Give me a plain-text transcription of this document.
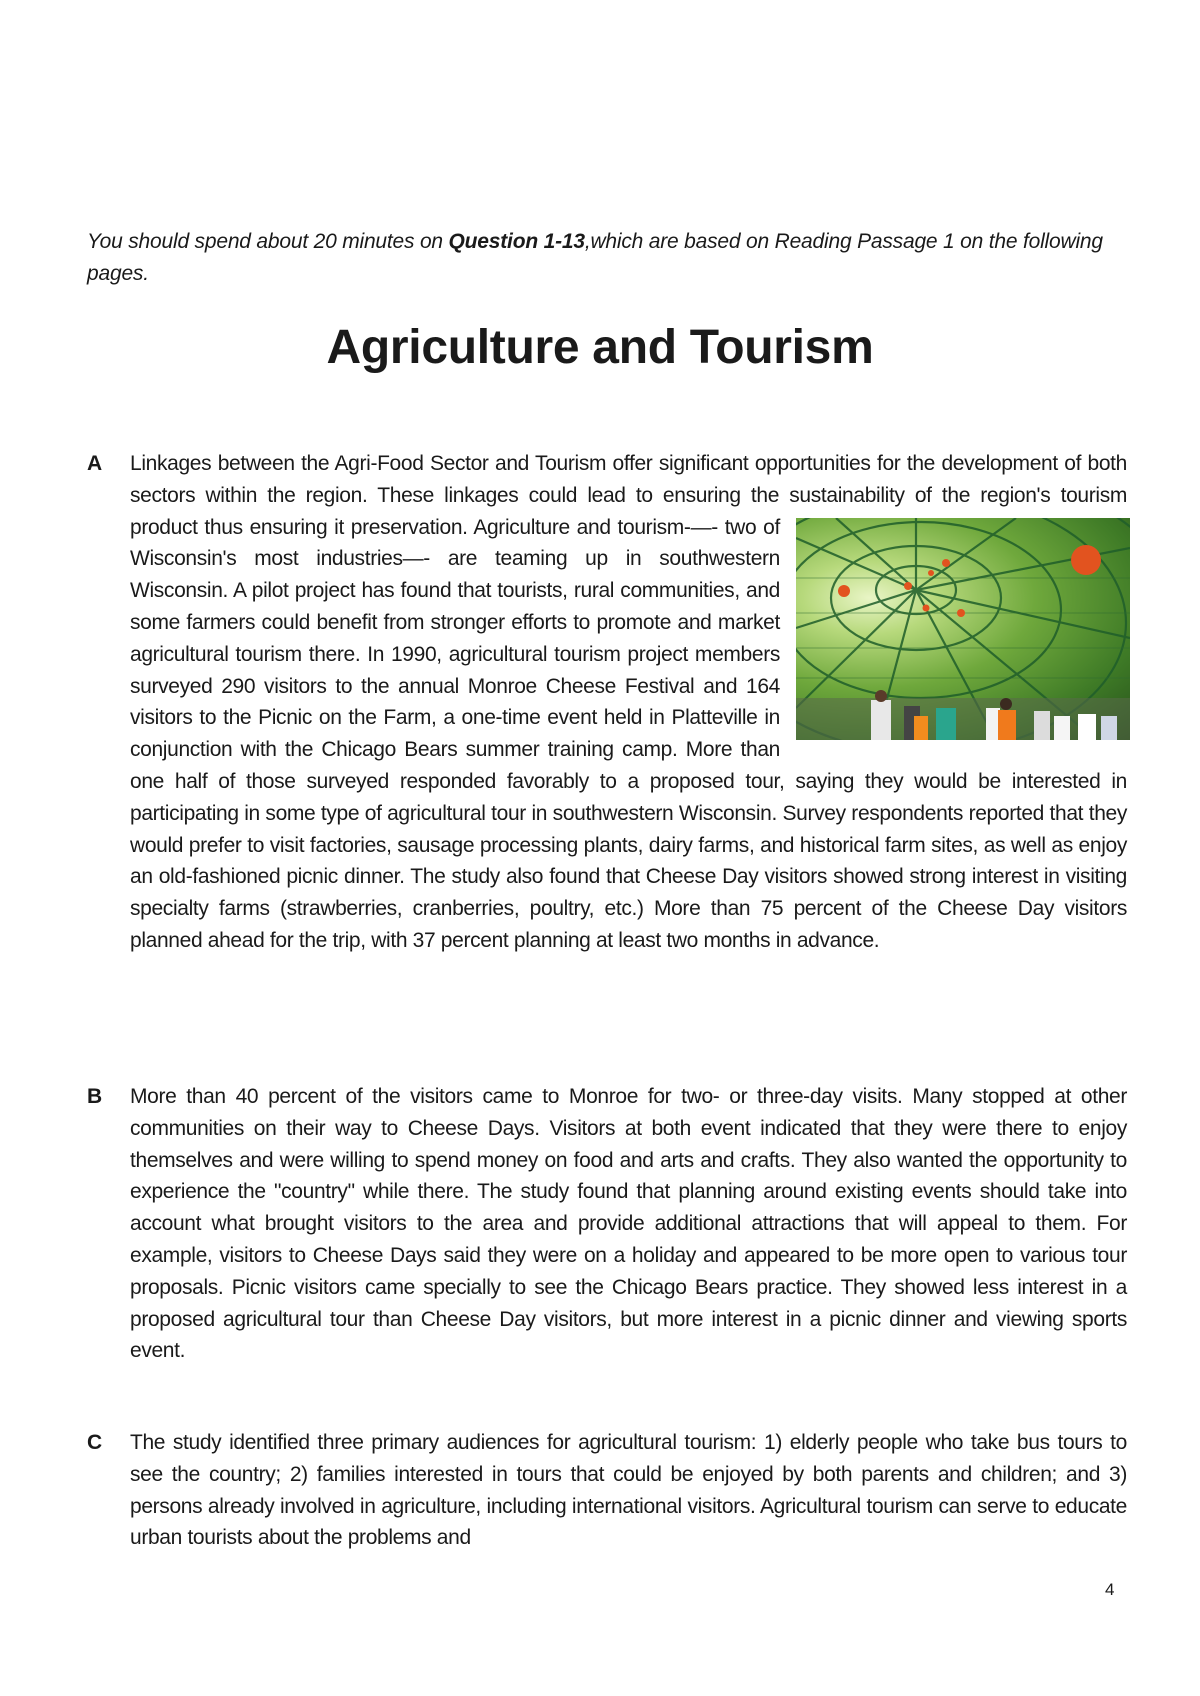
You should spend about 20 minutes on Question 1-13,which are based on Reading Passage 1 on the following pages.
Agriculture and Tourism
A Linkages between the Agri-Food Sector and Tourism offer significant opportunities for the development of both sectors within the region. These linkages could lead to ensuring the sustainability of the region's tourism product thus ensuring it preservation. Agriculture and tourism-—- two of Wisconsin's most industries—- are teaming up in southwestern Wisconsin. A pilot project has found that tourists, rural communities, and some farmers could benefit from stronger efforts to promote and market agricultural tourism there. In 1990, agricultural tourism project members surveyed 290 visitors to the annual Monroe Cheese Festival and 164 visitors to the Picnic on the Farm, a one-time event held in Platteville in conjunction with the Chicago Bears summer training camp. More than one half of those surveyed responded favorably to a proposed tour, saying they would be interested in participating in some type of agricultural tour in southwestern Wisconsin. Survey respondents reported that they would prefer to visit factories, sausage processing plants, dairy farms, and historical farm sites, as well as enjoy an old-fashioned picnic dinner. The study also found that Cheese Day visitors showed strong interest in visiting specialty farms (strawberries, cranberries, poultry, etc.) More than 75 percent of the Cheese Day visitors planned ahead for the trip, with 37 percent planning at least two months in advance.
B More than 40 percent of the visitors came to Monroe for two- or three-day visits. Many stopped at other communities on their way to Cheese Days. Visitors at both event indicated that they were there to enjoy themselves and were willing to spend money on food and arts and crafts. They also wanted the opportunity to experience the "country" while there. The study found that planning around existing events should take into account what brought visitors to the area and provide additional attractions that will appeal to them. For example, visitors to Cheese Days said they were on a holiday and appeared to be more open to various tour proposals. Picnic visitors came specially to see the Chicago Bears practice. They showed less interest in a proposed agricultural tour than Cheese Day visitors, but more interest in a picnic dinner and viewing sports event.
C The study identified three primary audiences for agricultural tourism: 1) elderly people who take bus tours to see the country; 2) families interested in tours that could be enjoyed by both parents and children; and 3) persons already involved in agriculture, including international visitors. Agricultural tourism can serve to educate urban tourists about the problems and
4
